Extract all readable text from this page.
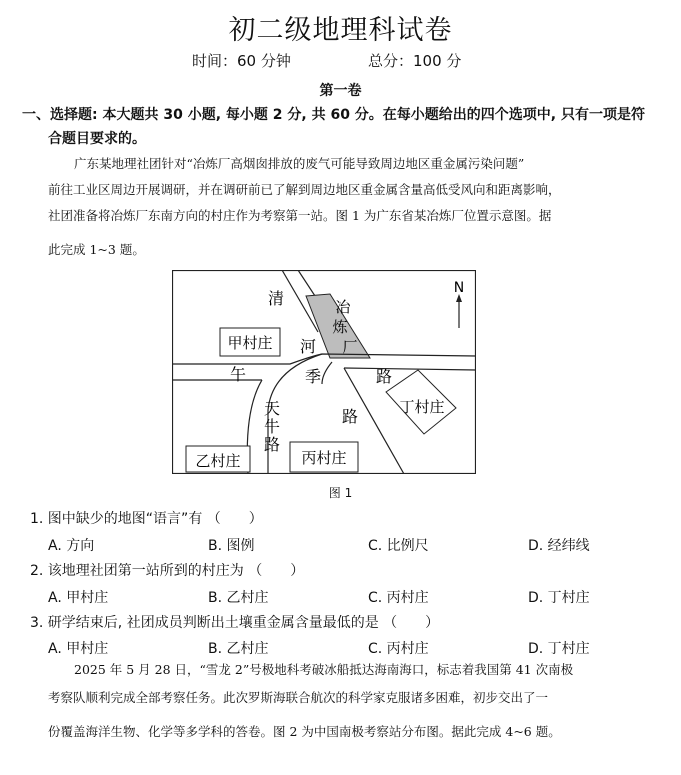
初二级地理科试卷
时间：60 分钟	总分：100 分
第一卷
一、选择题: 本大题共 30 小题, 每小题 2 分, 共 60 分。在每小题给出的四个选项中, 只有一项是符
合题目要求的。
广东某地理社团针对“冶炼厂高烟囱排放的废气可能导致周边地区重金属污染问题”
前往工业区周边开展调研，并在调研前已了解到周边地区重金属含量高低受风向和距离影响，
社团准备将冶炼厂东南方向的村庄作为考察第一站。图 1 为广东省某冶炼厂位置示意图。据
此完成 1~3 题。
N
冶
炼
厂
清
河
午	季	路
路
天
牛
路
甲村庄
乙村庄	丙村庄
丁村庄
图 1
1. 图中缺少的地图“语言”有 （　　）
A. 方向	B. 图例	C. 比例尺	D. 经纬线
2. 该地理社团第一站所到的村庄为 （　　）
A. 甲村庄	B. 乙村庄	C. 丙村庄	D. 丁村庄
3. 研学结束后, 社团成员判断出土壤重金属含量最低的是 （　　）
A. 甲村庄	B. 乙村庄	C. 丙村庄	D. 丁村庄
2025 年 5 月 28 日，“雪龙 2”号极地科考破冰船抵达海南海口，标志着我国第 41 次南极
考察队顺利完成全部考察任务。此次罗斯海联合航次的科学家克服诸多困难，初步交出了一
份覆盖海洋生物、化学等多学科的答卷。图 2 为中国南极考察站分布图。据此完成 4~6 题。
